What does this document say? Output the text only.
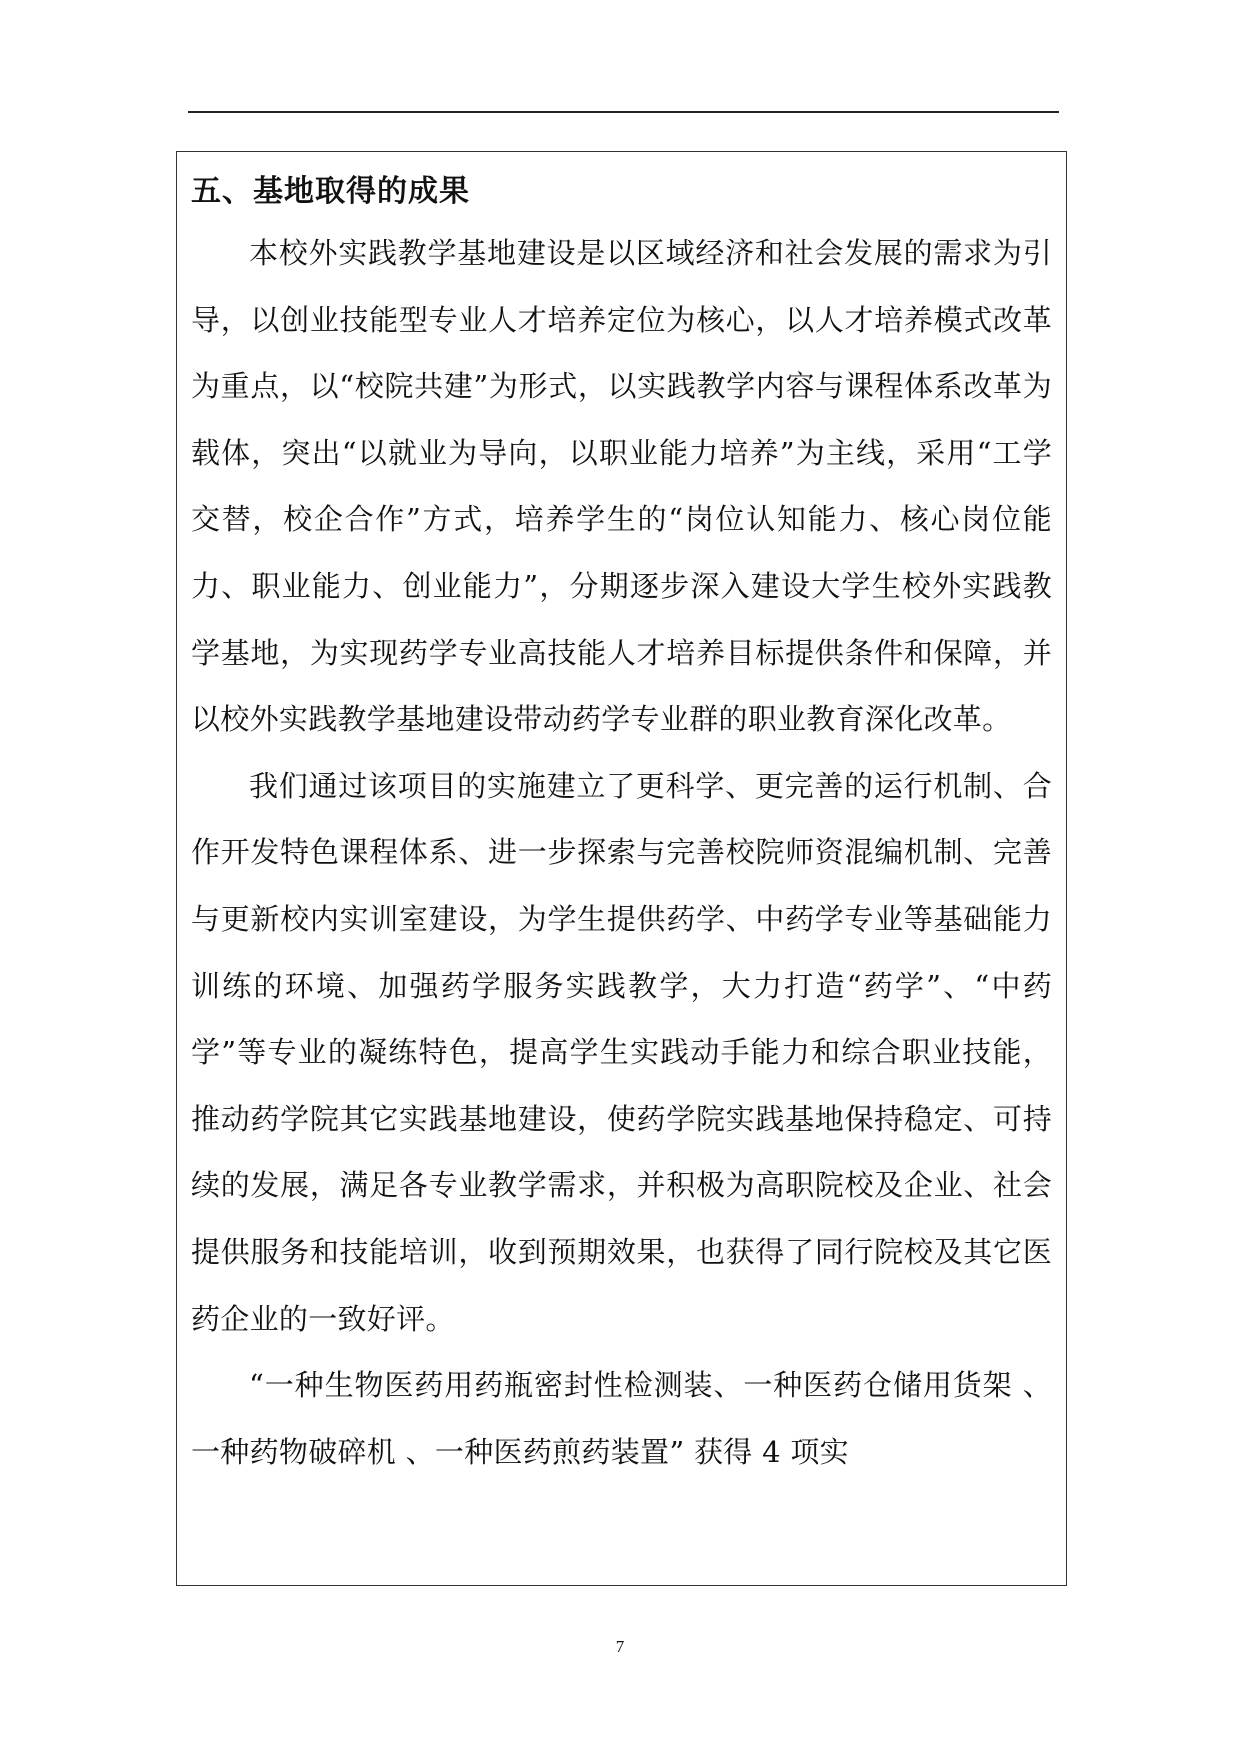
五、基地取得的成果

本校外实践教学基地建设是以区域经济和社会发展的需求为引导，以创业技能型专业人才培养定位为核心，以人才培养模式改革为重点，以“校院共建”为形式，以实践教学内容与课程体系改革为载体，突出“以就业为导向，以职业能力培养”为主线，采用“工学交替，校企合作”方式，培养学生的“岗位认知能力、核心岗位能力、职业能力、创业能力”，分期逐步深入建设大学生校外实践教学基地，为实现药学专业高技能人才培养目标提供条件和保障，并以校外实践教学基地建设带动药学专业群的职业教育深化改革。

我们通过该项目的实施建立了更科学、更完善的运行机制、合作开发特色课程体系、进一步探索与完善校院师资混编机制、完善与更新校内实训室建设，为学生提供药学、中药学专业等基础能力训练的环境、加强药学服务实践教学，大力打造“药学”、“中药学”等专业的凝练特色，提高学生实践动手能力和综合职业技能，推动药学院其它实践基地建设，使药学院实践基地保持稳定、可持续的发展，满足各专业教学需求，并积极为高职院校及企业、社会提供服务和技能培训，收到预期效果，也获得了同行院校及其它医药企业的一致好评。

“一种生物医药用药瓶密封性检测装、一种医药仓储用货架 、一种药物破碎机 、一种医药煎药装置” 获得 4 项实

7
